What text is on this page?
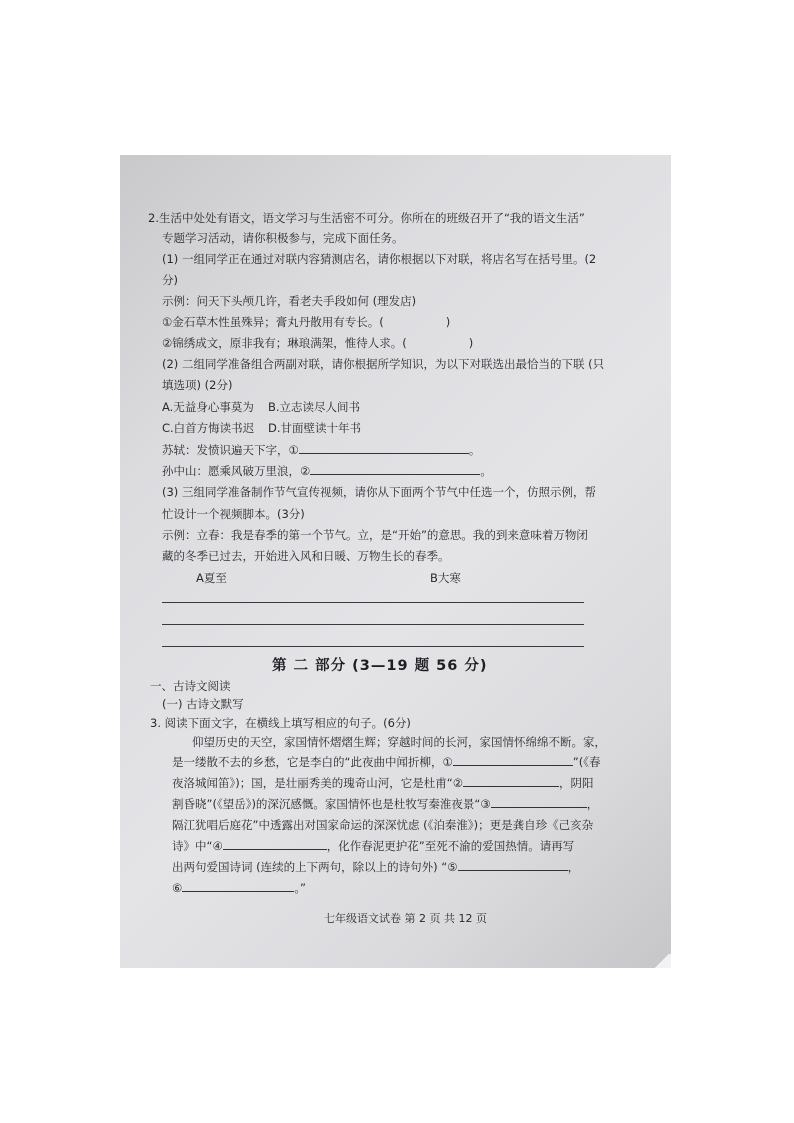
2.生活中处处有语文，语文学习与生活密不可分。你所在的班级召开了“我的语文生活”
专题学习活动，请你积极参与，完成下面任务。
(1) 一组同学正在通过对联内容猜测店名，请你根据以下对联，将店名写在括号里。(2
分)
示例：问天下头颅几许，看老夫手段如何 (理发店)
①金石草木性虽殊异；膏丸丹散用有专长。(	)
②锦绣成文，原非我有；琳琅满架，惟待人求。(	)
(2) 二组同学准备组合两副对联，请你根据所学知识，为以下对联选出最恰当的下联 (只
填选项) (2分)
A.无益身心事莫为 B.立志读尽人间书
C.白首方悔读书迟 D.甘面壁读十年书
苏轼：发愤识遍天下字，①	。
孙中山：愿乘风破万里浪，②	。
(3) 三组同学准备制作节气宣传视频，请你从下面两个节气中任选一个，仿照示例，帮
忙设计一个视频脚本。(3分)
示例：立春：我是春季的第一个节气。立，是“开始”的意思。我的到来意味着万物闭
藏的冬季已过去，开始进入风和日暖、万物生长的春季。
A夏至	B大寒
第 二 部分 (3—19 题 56 分)
一、古诗文阅读
(一) 古诗文默写
3. 阅读下面文字，在横线上填写相应的句子。(6分)
仰望历史的天空，家国情怀熠熠生辉；穿越时间的长河，家国情怀绵绵不断。家，
是一缕散不去的乡愁，它是李白的“此夜曲中闻折柳，①	”(《春
夜洛城闻笛》)；国，是壮丽秀美的瑰奇山河，它是杜甫“②	，阴阳
割昏晓”(《望岳》)的深沉感慨。家国情怀也是杜牧写秦淮夜景“③	，
隔江犹唱后庭花”中透露出对国家命运的深深忧虑 (《泊秦淮》)；更是龚自珍《己亥杂
诗》中“④	，化作春泥更护花”至死不渝的爱国热情。请再写
出两句爱国诗词 (连续的上下两句，除以上的诗句外) “⑤	，
⑥	。”
七年级语文试卷 第 2 页 共 12 页
